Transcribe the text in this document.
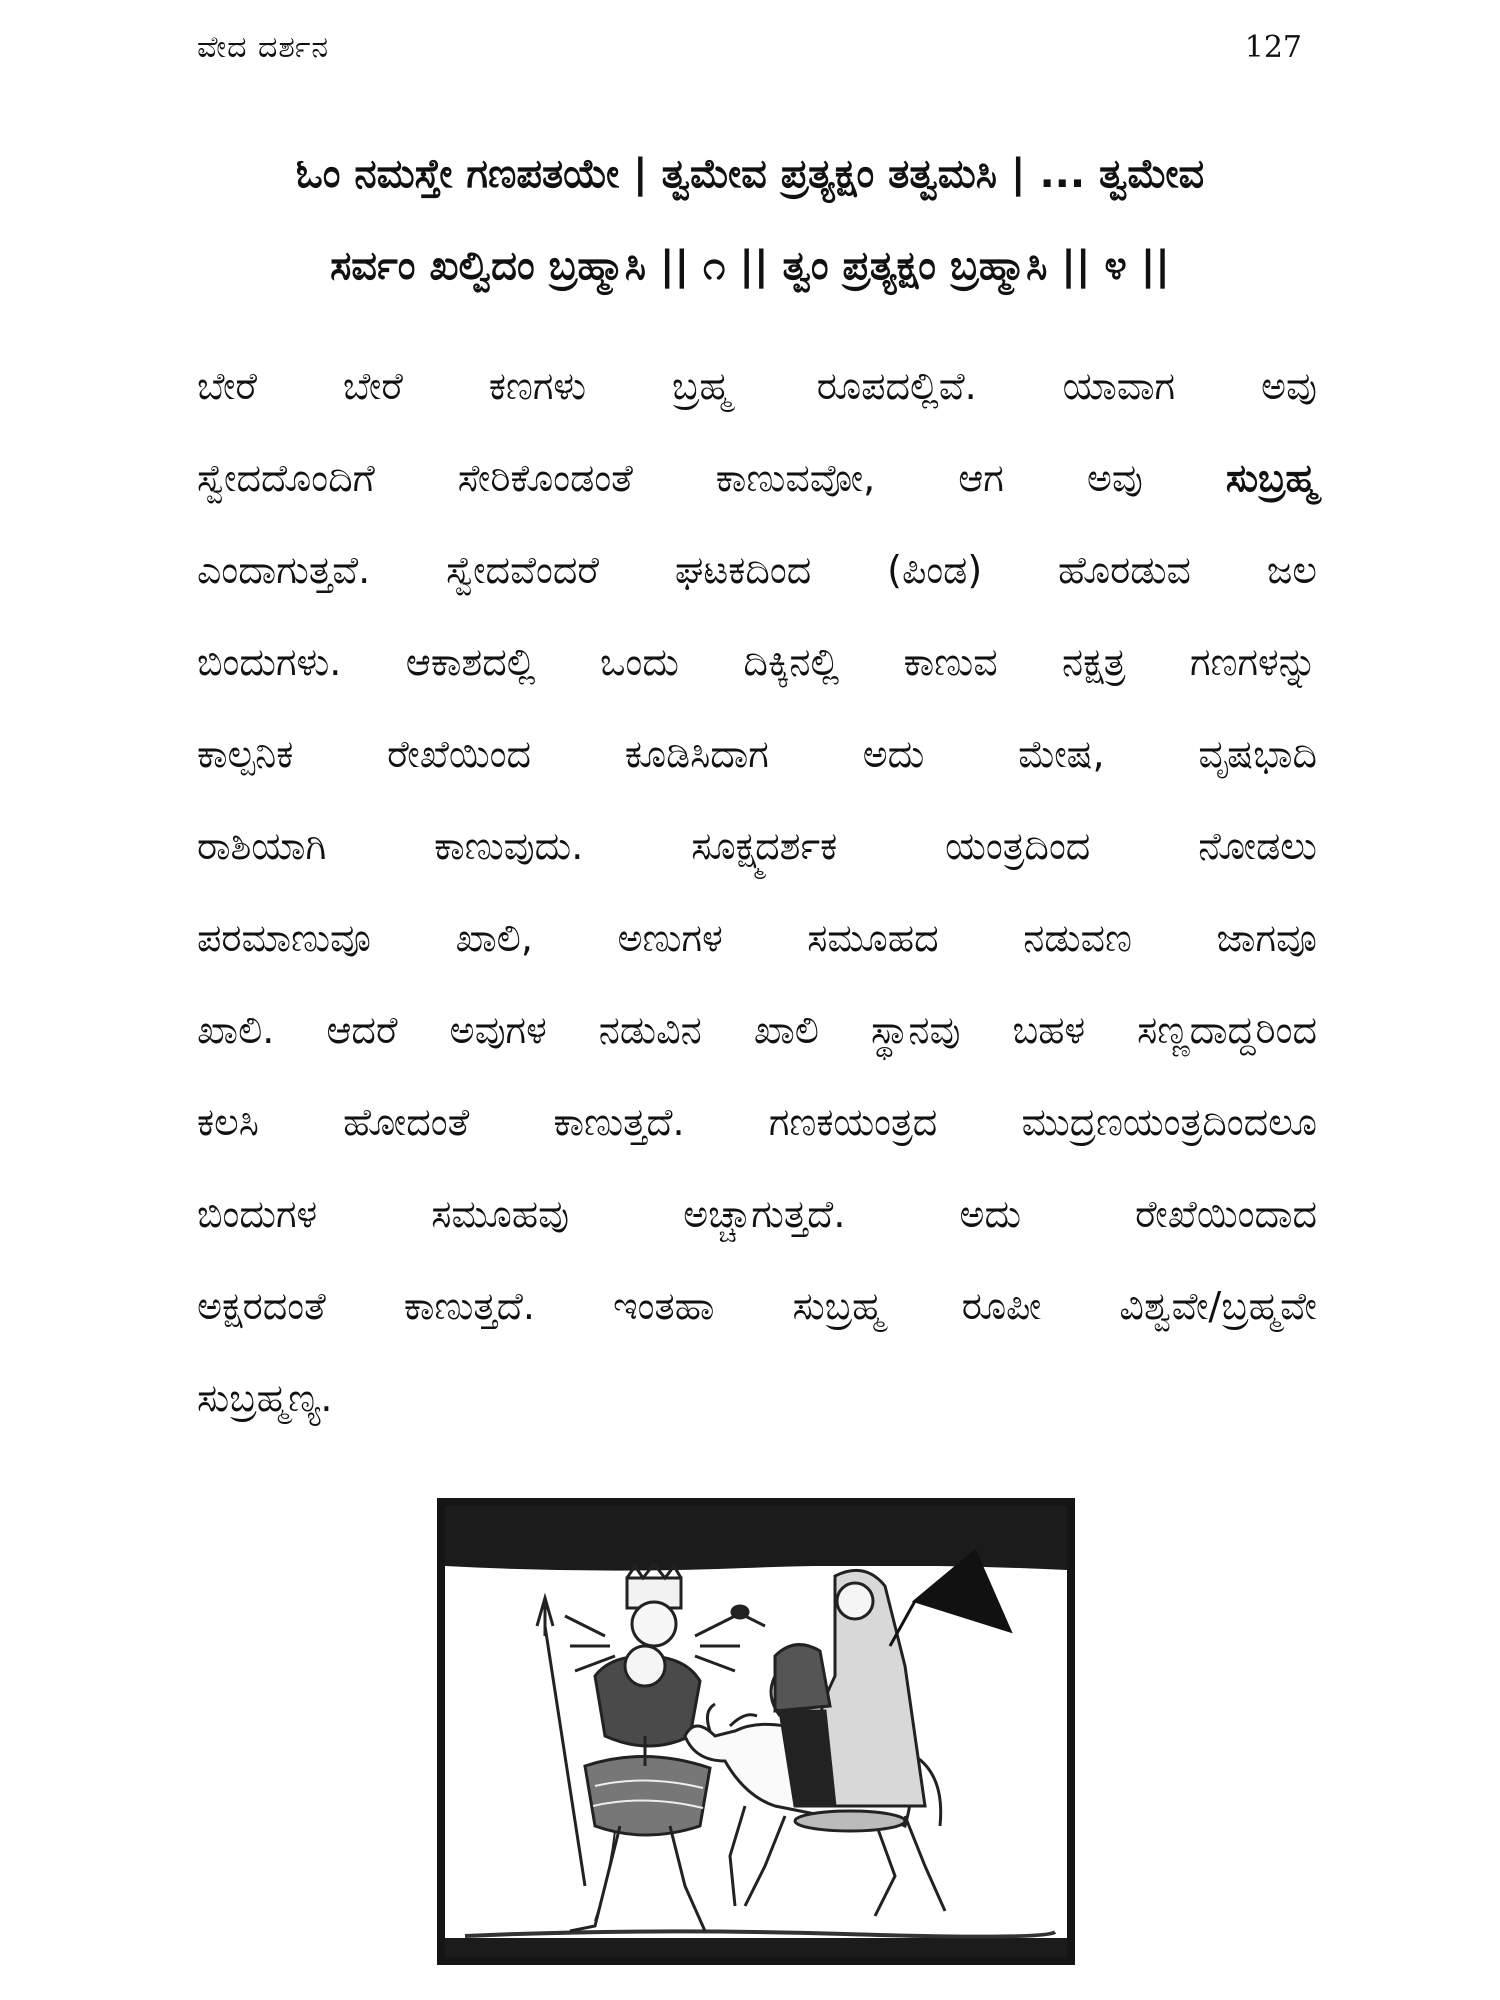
ವೇದ ದರ್ಶನ	127
ಓಂ ನಮಸ್ತೇ ಗಣಪತಯೇ | ತ್ವಮೇವ ಪ್ರತ್ಯಕ್ಷಂ ತತ್ವಮಸಿ | ... ತ್ವಮೇವ
ಸರ್ವಂ ಖಲ್ವಿದಂ ಬ್ರಹ್ಮಾಸಿ || ೧ || ತ್ವಂ ಪ್ರತ್ಯಕ್ಷಂ ಬ್ರಹ್ಮಾಸಿ || ೪ ||
ಬೇರೆ ಬೇರೆ ಕಣಗಳು ಬ್ರಹ್ಮ ರೂಪದಲ್ಲಿವೆ. ಯಾವಾಗ ಅವು
ಸ್ವೇದದೊಂದಿಗೆ ಸೇರಿಕೊಂಡಂತೆ ಕಾಣುವವೋ, ಆಗ ಅವು ಸುಬ್ರಹ್ಮ
ಎಂದಾಗುತ್ತವೆ. ಸ್ವೇದವೆಂದರೆ ಘಟಕದಿಂದ (ಪಿಂಡ) ಹೊರಡುವ ಜಲ
ಬಿಂದುಗಳು. ಆಕಾಶದಲ್ಲಿ ಒಂದು ದಿಕ್ಕಿನಲ್ಲಿ ಕಾಣುವ ನಕ್ಷತ್ರ ಗಣಗಳನ್ನು
ಕಾಲ್ಪನಿಕ ರೇಖೆಯಿಂದ ಕೂಡಿಸಿದಾಗ ಅದು ಮೇಷ, ವೃಷಭಾದಿ
ರಾಶಿಯಾಗಿ ಕಾಣುವುದು. ಸೂಕ್ಷ್ಮದರ್ಶಕ ಯಂತ್ರದಿಂದ ನೋಡಲು
ಪರಮಾಣುವೂ ಖಾಲಿ, ಅಣುಗಳ ಸಮೂಹದ ನಡುವಣ ಜಾಗವೂ
ಖಾಲಿ. ಆದರೆ ಅವುಗಳ ನಡುವಿನ ಖಾಲಿ ಸ್ಥಾನವು ಬಹಳ ಸಣ್ಣದಾದ್ದರಿಂದ
ಕಲಸಿ ಹೋದಂತೆ ಕಾಣುತ್ತದೆ. ಗಣಕಯಂತ್ರದ ಮುದ್ರಣಯಂತ್ರದಿಂದಲೂ
ಬಿಂದುಗಳ ಸಮೂಹವು ಅಚ್ಚಾಗುತ್ತದೆ. ಅದು ರೇಖೆಯಿಂದಾದ
ಅಕ್ಷರದಂತೆ ಕಾಣುತ್ತದೆ. ಇಂತಹಾ ಸುಬ್ರಹ್ಮ ರೂಪೀ ವಿಶ್ವವೇ/ಬ್ರಹ್ಮವೇ
ಸುಬ್ರಹ್ಮಣ್ಯ.
